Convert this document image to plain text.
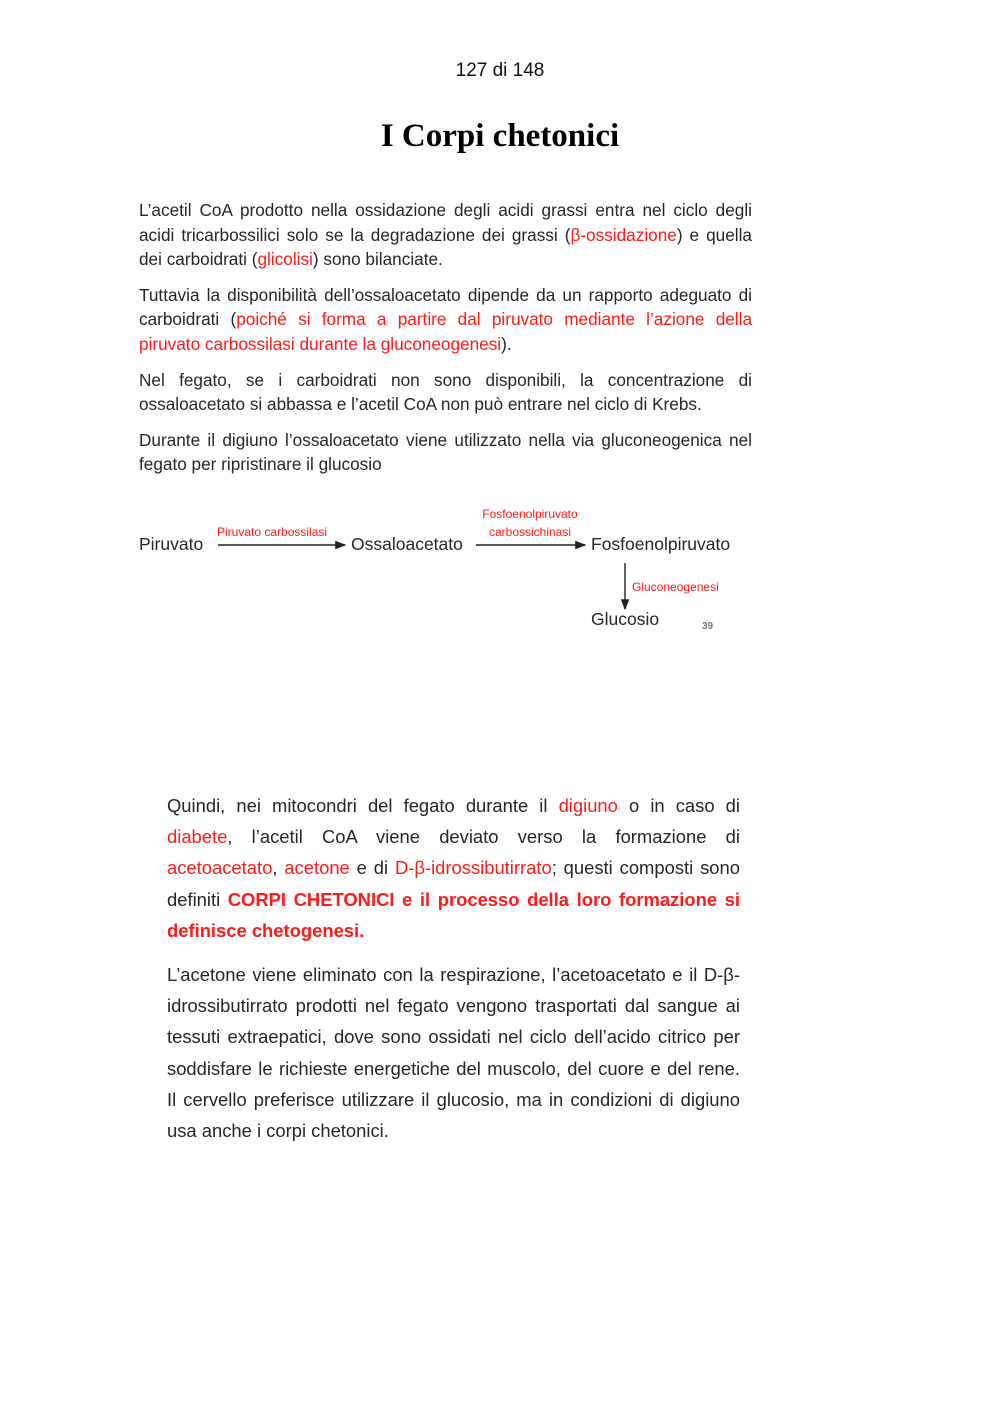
127 di 148
I Corpi chetonici

L’acetil CoA prodotto nella ossidazione degli acidi grassi entra nel ciclo degli acidi tricarbossilici solo se la degradazione dei grassi (β-ossidazione) e quella dei carboidrati (glicolisi) sono bilanciate.

Tuttavia la disponibilità dell’ossaloacetato dipende da un rapporto adeguato di carboidrati (poiché si forma a partire dal piruvato mediante l’azione della piruvato carbossilasi durante la gluconeogenesi).

Nel fegato, se i carboidrati non sono disponibili, la concentrazione di ossaloacetato si abbassa e l’acetil CoA non può entrare nel ciclo di Krebs.

Durante il digiuno l’ossaloacetato viene utilizzato nella via gluconeogenica nel fegato per ripristinare il glucosio

Piruvato
Piruvato carbossilasi
Ossaloacetato
Fosfoenolpiruvato
carbossichinasi
Fosfoenolpiruvato
Gluconeogenesi
Glucosio	39

Quindi, nei mitocondri del fegato durante il digiuno o in caso di diabete, l’acetil CoA viene deviato verso la formazione di acetoacetato, acetone e di D-β-idrossibutirrato; questi composti sono definiti CORPI CHETONICI e il processo della loro formazione si definisce chetogenesi.

L’acetone viene eliminato con la respirazione, l’acetoacetato e il D-β-idrossibutirrato prodotti nel fegato vengono trasportati dal sangue ai tessuti extraepatici, dove sono ossidati nel ciclo dell’acido citrico per soddisfare le richieste energetiche del muscolo, del cuore e del rene. Il cervello preferisce utilizzare il glucosio, ma in condizioni di digiuno usa anche i corpi chetonici.
